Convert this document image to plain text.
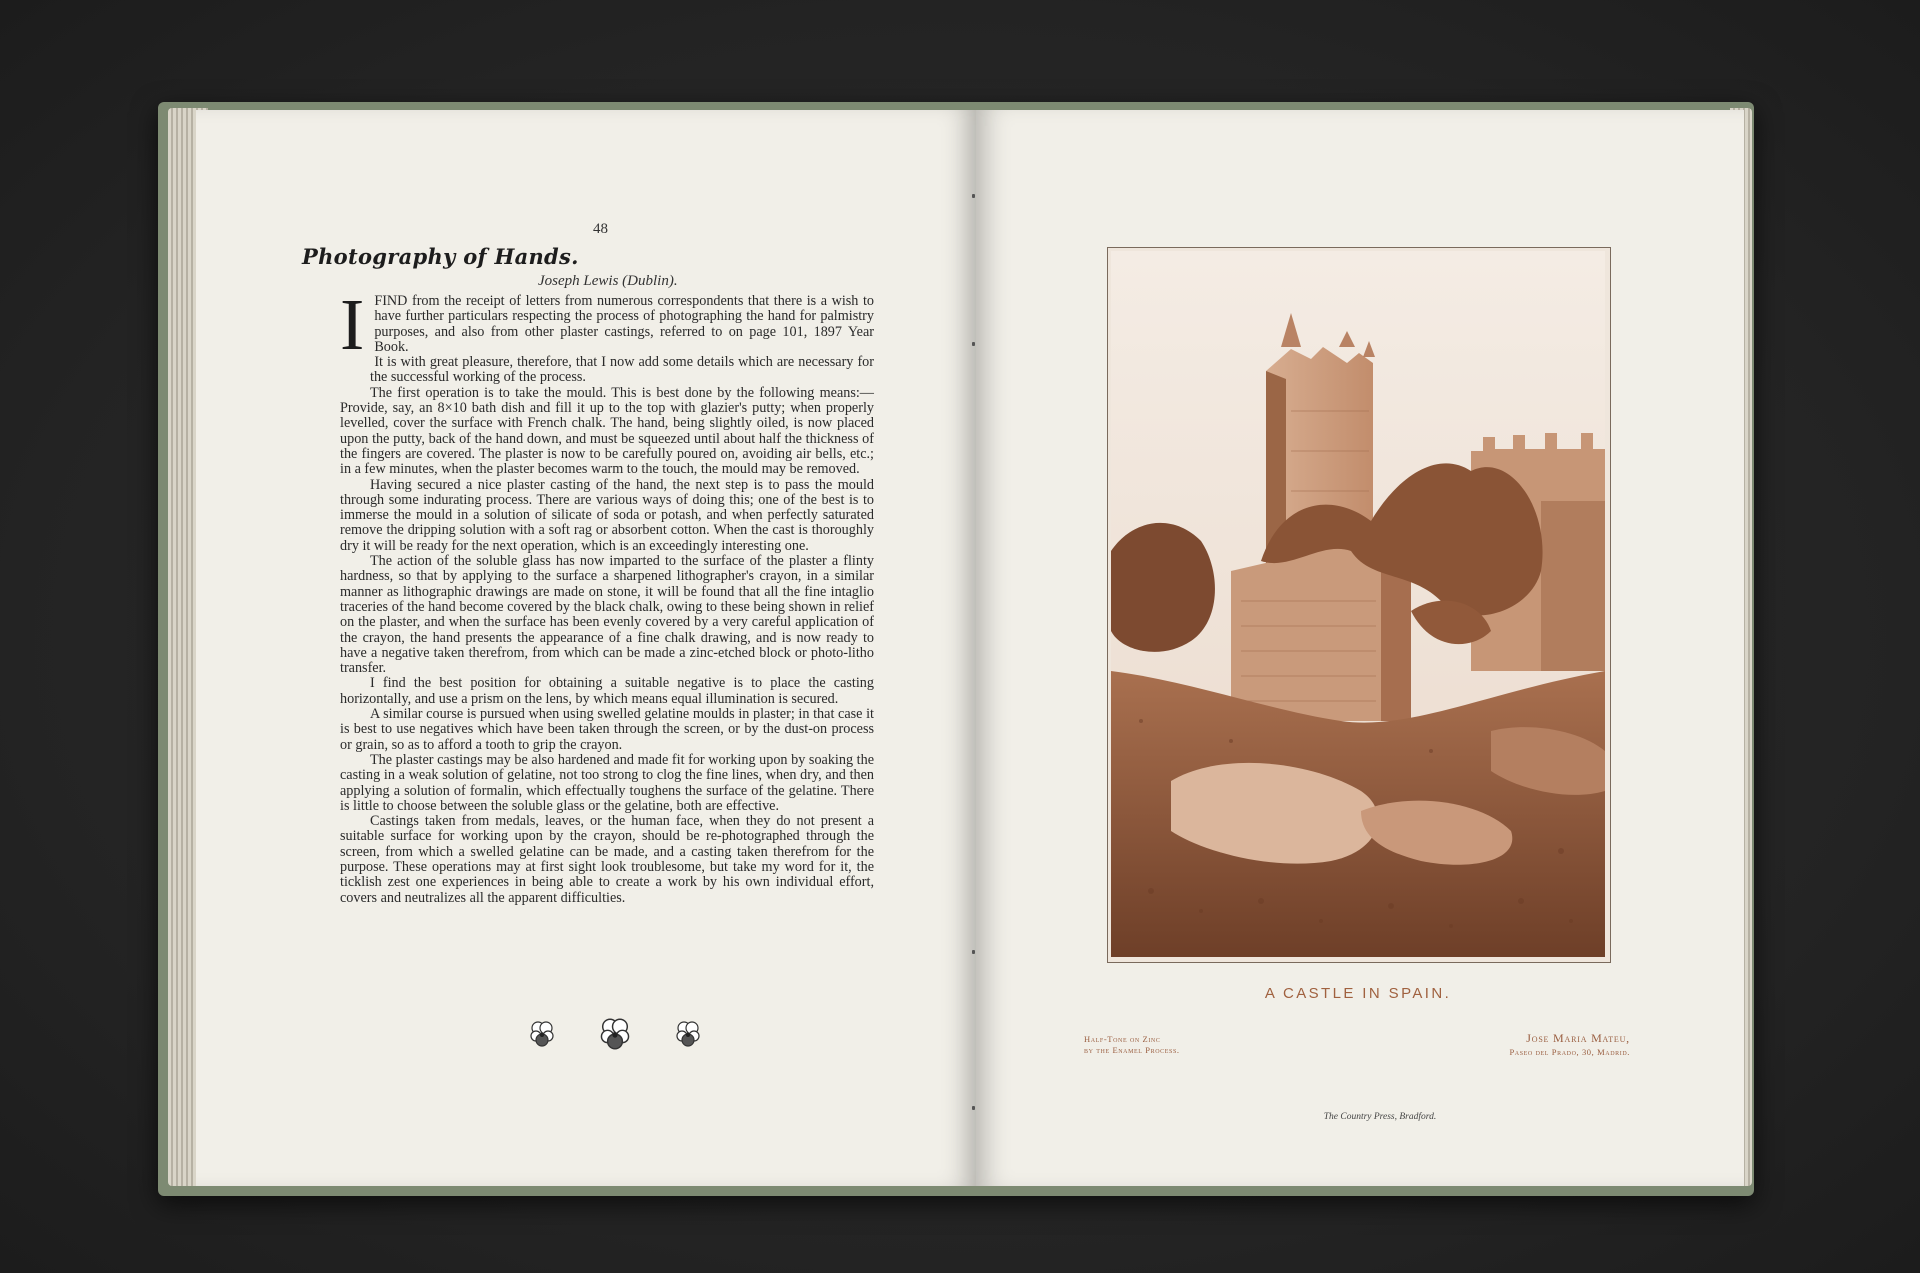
48
Photography of Hands.
Joseph Lewis (Dublin).
I FIND from the receipt of letters from numerous correspondents that there is a wish to have further particulars respecting the process of photographing the hand for palmistry purposes, and also from other plaster castings, referred to on page 101, 1897 Year Book.

It is with great pleasure, therefore, that I now add some details which are necessary for the successful working of the process.

The first operation is to take the mould. This is best done by the following means:—Provide, say, an 8×10 bath dish and fill it up to the top with glazier's putty; when properly levelled, cover the surface with French chalk. The hand, being slightly oiled, is now placed upon the putty, back of the hand down, and must be squeezed until about half the thickness of the fingers are covered. The plaster is now to be carefully poured on, avoiding air bells, etc.; in a few minutes, when the plaster becomes warm to the touch, the mould may be removed.

Having secured a nice plaster casting of the hand, the next step is to pass the mould through some indurating process. There are various ways of doing this; one of the best is to immerse the mould in a solution of silicate of soda or potash, and when perfectly saturated remove the dripping solution with a soft rag or absorbent cotton. When the cast is thoroughly dry it will be ready for the next operation, which is an exceedingly interesting one.

The action of the soluble glass has now imparted to the surface of the plaster a flinty hardness, so that by applying to the surface a sharpened lithographer's crayon, in a similar manner as lithographic drawings are made on stone, it will be found that all the fine intaglio traceries of the hand become covered by the black chalk, owing to these being shown in relief on the plaster, and when the surface has been evenly covered by a very careful application of the crayon, the hand presents the appearance of a fine chalk drawing, and is now ready to have a negative taken therefrom, from which can be made a zinc-etched block or photo-litho transfer.

I find the best position for obtaining a suitable negative is to place the casting horizontally, and use a prism on the lens, by which means equal illumination is secured.

A similar course is pursued when using swelled gelatine moulds in plaster; in that case it is best to use negatives which have been taken through the screen, or by the dust-on process or grain, so as to afford a tooth to grip the crayon.

The plaster castings may be also hardened and made fit for working upon by soaking the casting in a weak solution of gelatine, not too strong to clog the fine lines, when dry, and then applying a solution of formalin, which effectually toughens the surface of the gelatine. There is little to choose between the soluble glass or the gelatine, both are effective.

Castings taken from medals, leaves, or the human face, when they do not present a suitable surface for working upon by the crayon, should be re-photographed through the screen, from which a swelled gelatine can be made, and a casting taken therefrom for the purpose. These operations may at first sight look troublesome, but take my word for it, the ticklish zest one experiences in being able to create a work by his own individual effort, covers and neutralizes all the apparent difficulties.

A CASTLE IN SPAIN.
Half-Tone on Zinc
by the Enamel Process.
Jose Maria Mateu,
Paseo del Prado, 30, Madrid.
The Country Press, Bradford.
